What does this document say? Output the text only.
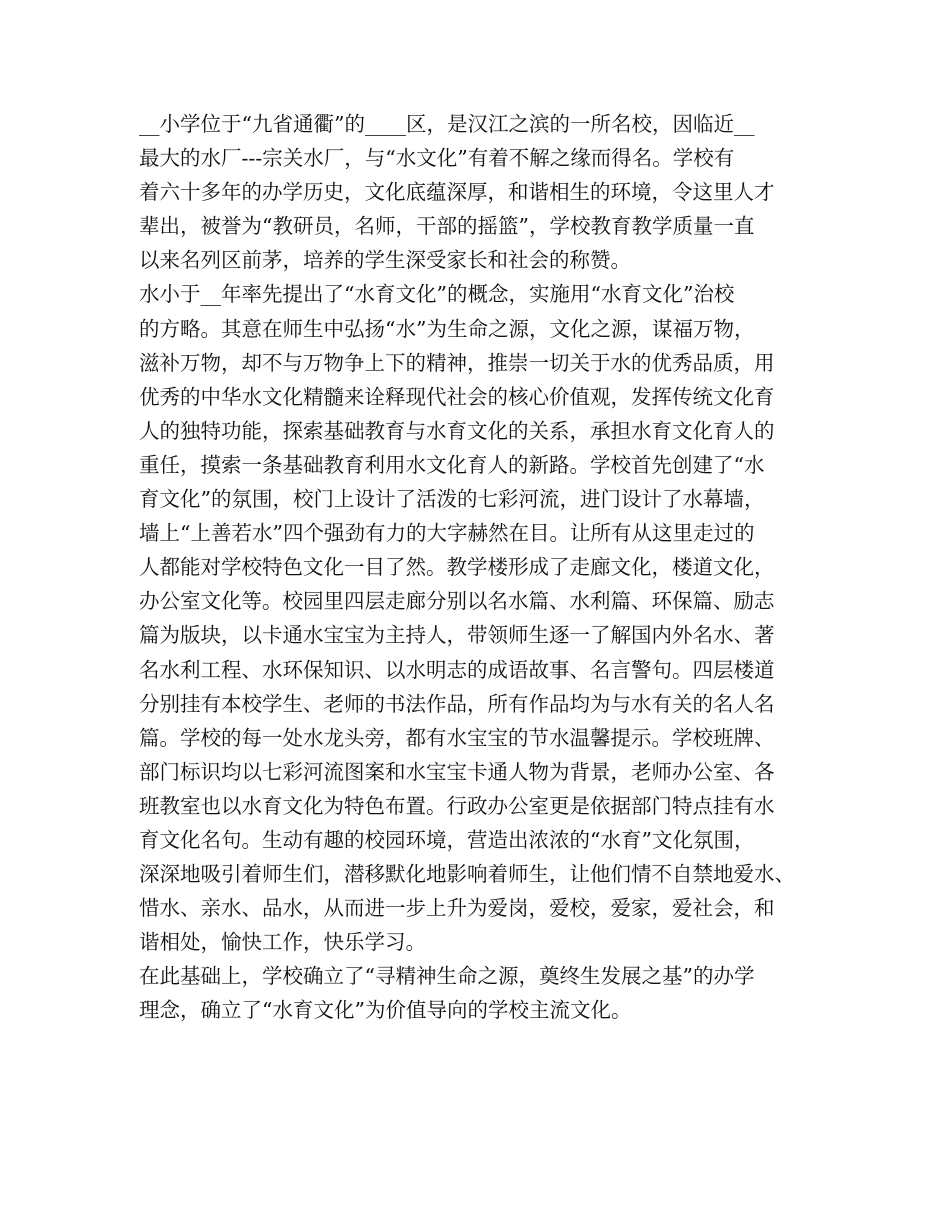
__小学位于“九省通衢”的____区，是汉江之滨的一所名校，因临近__
最大的水厂---宗关水厂，与“水文化”有着不解之缘而得名。学校有
着六十多年的办学历史，文化底蕴深厚，和谐相生的环境，令这里人才
辈出，被誉为“教研员，名师，干部的摇篮”，学校教育教学质量一直
以来名列区前茅，培养的学生深受家长和社会的称赞。
水小于__年率先提出了“水育文化”的概念，实施用“水育文化”治校
的方略。其意在师生中弘扬“水”为生命之源，文化之源，谋福万物，
滋补万物，却不与万物争上下的精神，推崇一切关于水的优秀品质，用
优秀的中华水文化精髓来诠释现代社会的核心价值观，发挥传统文化育
人的独特功能，探索基础教育与水育文化的关系，承担水育文化育人的
重任，摸索一条基础教育利用水文化育人的新路。学校首先创建了“水
育文化”的氛围，校门上设计了活泼的七彩河流，进门设计了水幕墙，
墙上“上善若水”四个强劲有力的大字赫然在目。让所有从这里走过的
人都能对学校特色文化一目了然。教学楼形成了走廊文化，楼道文化，
办公室文化等。校园里四层走廊分别以名水篇、水利篇、环保篇、励志
篇为版块，以卡通水宝宝为主持人，带领师生逐一了解国内外名水、著
名水利工程、水环保知识、以水明志的成语故事、名言警句。四层楼道
分别挂有本校学生、老师的书法作品，所有作品均为与水有关的名人名
篇。学校的每一处水龙头旁，都有水宝宝的节水温馨提示。学校班牌、
部门标识均以七彩河流图案和水宝宝卡通人物为背景，老师办公室、各
班教室也以水育文化为特色布置。行政办公室更是依据部门特点挂有水
育文化名句。生动有趣的校园环境，营造出浓浓的“水育”文化氛围，
深深地吸引着师生们，潜移默化地影响着师生，让他们情不自禁地爱水、
惜水、亲水、品水，从而进一步上升为爱岗，爱校，爱家，爱社会，和
谐相处，愉快工作，快乐学习。
在此基础上，学校确立了“寻精神生命之源，奠终生发展之基”的办学
理念，确立了“水育文化”为价值导向的学校主流文化。
